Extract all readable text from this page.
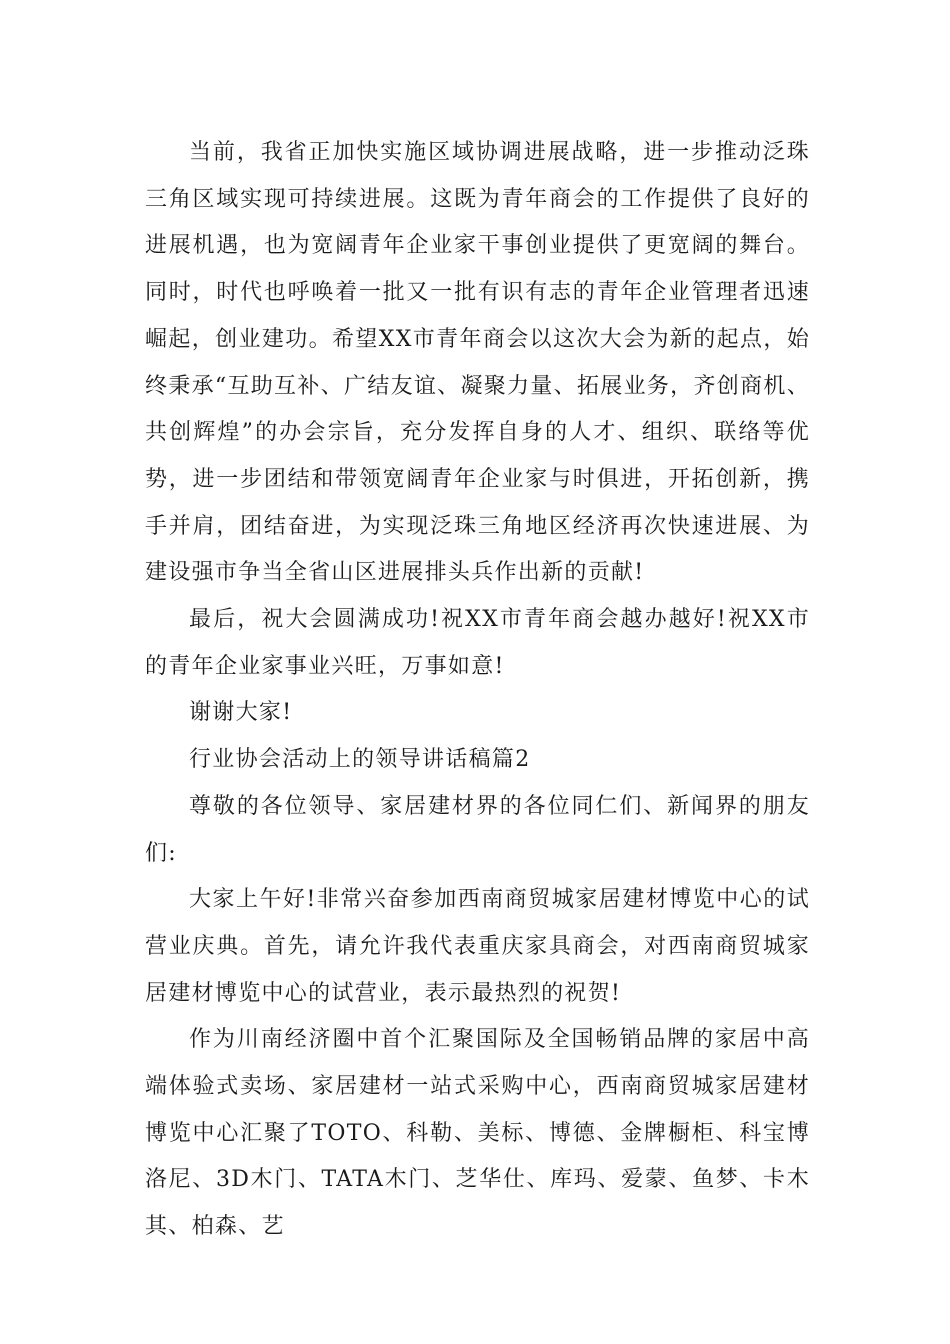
当前，我省正加快实施区域协调进展战略，进一步推动泛珠三角区域实现可持续进展。这既为青年商会的工作提供了良好的进展机遇，也为宽阔青年企业家干事创业提供了更宽阔的舞台。同时，时代也呼唤着一批又一批有识有志的青年企业管理者迅速崛起，创业建功。希望XX市青年商会以这次大会为新的起点，始终秉承“互助互补、广结友谊、凝聚力量、拓展业务，齐创商机、共创辉煌”的办会宗旨，充分发挥自身的人才、组织、联络等优势，进一步团结和带领宽阔青年企业家与时俱进，开拓创新，携手并肩，团结奋进，为实现泛珠三角地区经济再次快速进展、为建设强市争当全省山区进展排头兵作出新的贡献!

最后，祝大会圆满成功!祝XX市青年商会越办越好!祝XX市的青年企业家事业兴旺，万事如意!

谢谢大家!

行业协会活动上的领导讲话稿篇2

尊敬的各位领导、家居建材界的各位同仁们、新闻界的朋友们:

大家上午好!非常兴奋参加西南商贸城家居建材博览中心的试营业庆典。首先，请允许我代表重庆家具商会，对西南商贸城家居建材博览中心的试营业，表示最热烈的祝贺!

作为川南经济圈中首个汇聚国际及全国畅销品牌的家居中高端体验式卖场、家居建材一站式采购中心，西南商贸城家居建材博览中心汇聚了TOTO、科勒、美标、博德、金牌橱柜、科宝博洛尼、3D木门、TATA木门、芝华仕、库玛、爱蒙、鱼梦、卡木其、柏森、艺
